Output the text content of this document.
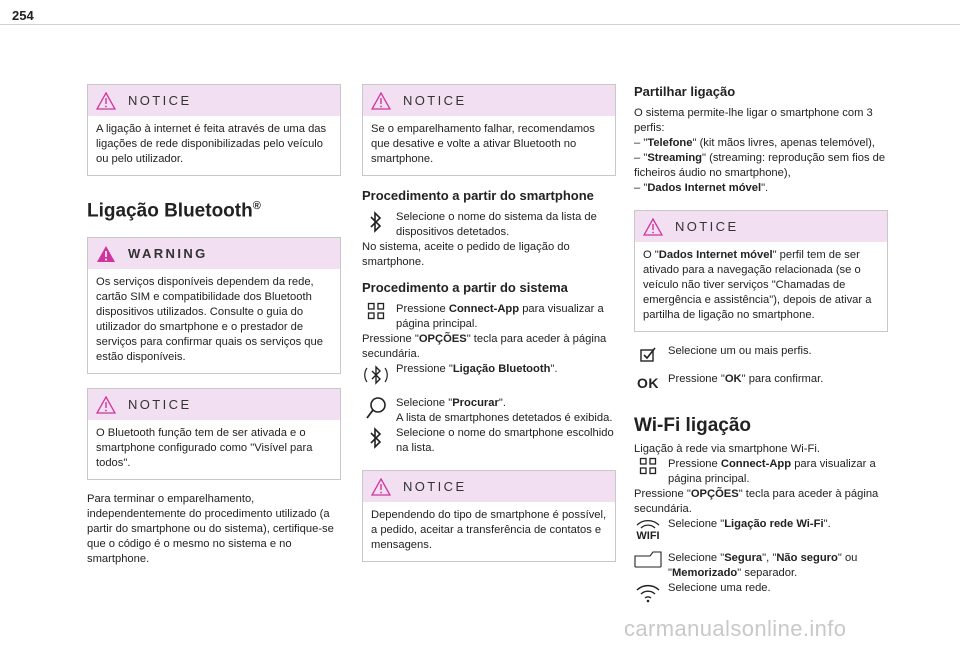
254
NOTICE

A ligação à internet é feita através de uma das ligações de rede disponibilizadas pelo veículo ou pelo utilizador.

Ligação Bluetooth®
WARNING

Os serviços disponíveis dependem da rede, cartão SIM e compatibilidade dos Bluetooth dispositivos utilizados. Consulte o guia do utilizador do smartphone e o prestador de serviços para confirmar quais os serviços que estão disponíveis.

NOTICE

O Bluetooth função tem de ser ativada e o smartphone configurado como "Visível para todos".

Para terminar o emparelhamento, independentemente do procedimento utilizado (a partir do smartphone ou do sistema), certifique-se que o código é o mesmo no sistema e no smartphone.

NOTICE

Se o emparelhamento falhar, recomendamos que desative e volte a ativar Bluetooth no smartphone.

Procedimento a partir do smartphone
Selecione o nome do sistema da lista de dispositivos detetados.

No sistema, aceite o pedido de ligação do smartphone.

Procedimento a partir do sistema
Pressione Connect-App para visualizar a página principal.

Pressione "OPÇÕES" tecla para aceder à página secundária.

Pressione "Ligação Bluetooth".
Selecione "Procurar".
A lista de smartphones detetados é exibida.
Selecione o nome do smartphone escolhido na lista.
NOTICE

Dependendo do tipo de smartphone é possível, a pedido, aceitar a transferência de contatos e mensagens.

Partilhar ligação

O sistema permite-lhe ligar o smartphone com 3 perfis:

– "Telefone" (kit mãos livres, apenas telemóvel),

– "Streaming" (streaming: reprodução sem fios de ficheiros áudio no smartphone),

– "Dados Internet móvel".

NOTICE

O "Dados Internet móvel" perfil tem de ser ativado para a navegação relacionada (se o veículo não tiver serviços "Chamadas de emergência e assistência"), depois de ativar a partilha de ligação no smartphone.

Selecione um ou mais perfis.
OK Pressione "OK" para confirmar.
Wi-Fi ligação

Ligação à rede via smartphone Wi-Fi.

Pressione Connect-App para visualizar a página principal.

Pressione "OPÇÕES" tecla para aceder à página secundária.

WIFI
Selecione "Ligação rede Wi-Fi".
Selecione "Segura", "Não seguro" ou "Memorizado" separador.
Selecione uma rede.
carmanualsonline.info
